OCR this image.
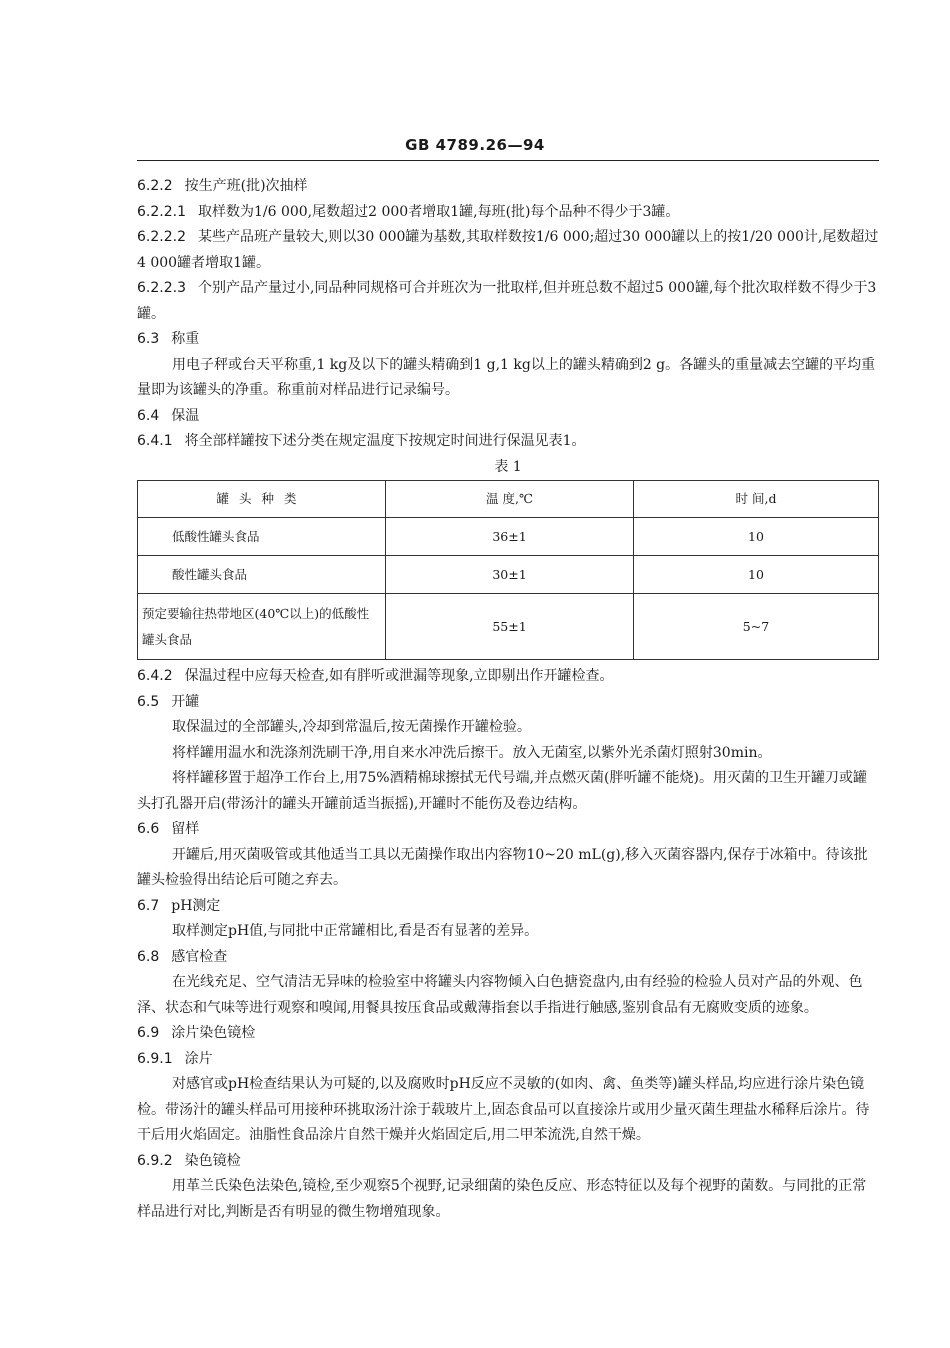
GB 4789.26—94

6.2.2 按生产班(批)次抽样

6.2.2.1 取样数为1/6 000,尾数超过2 000者增取1罐,每班(批)每个品种不得少于3罐。

6.2.2.2 某些产品班产量较大,则以30 000罐为基数,其取样数按1/6 000;超过30 000罐以上的按1/20 000计,尾数超过4 000罐者增取1罐。

6.2.2.3 个别产品产量过小,同品种同规格可合并班次为一批取样,但并班总数不超过5 000罐,每个批次取样数不得少于3罐。

6.3 称重

用电子秤或台天平称重,1 kg及以下的罐头精确到1 g,1 kg以上的罐头精确到2 g。各罐头的重量减去空罐的平均重量即为该罐头的净重。称重前对样品进行记录编号。

6.4 保温

6.4.1 将全部样罐按下述分类在规定温度下按规定时间进行保温见表1。

表 1

罐头种类	温 度,℃	时 间,d
低酸性罐头食品	36±1	10
酸性罐头食品	30±1	10
预定要输往热带地区(40℃以上)的低酸性罐头食品	55±1	5~7

6.4.2 保温过程中应每天检查,如有胖听或泄漏等现象,立即剔出作开罐检查。

6.5 开罐

取保温过的全部罐头,冷却到常温后,按无菌操作开罐检验。

将样罐用温水和洗涤剂洗刷干净,用自来水冲洗后擦干。放入无菌室,以紫外光杀菌灯照射30min。

将样罐移置于超净工作台上,用75%酒精棉球擦拭无代号端,并点燃灭菌(胖听罐不能烧)。用灭菌的卫生开罐刀或罐头打孔器开启(带汤汁的罐头开罐前适当振摇),开罐时不能伤及卷边结构。

6.6 留样

开罐后,用灭菌吸管或其他适当工具以无菌操作取出内容物10~20 mL(g),移入灭菌容器内,保存于冰箱中。待该批罐头检验得出结论后可随之弃去。

6.7 pH测定

取样测定pH值,与同批中正常罐相比,看是否有显著的差异。

6.8 感官检查

在光线充足、空气清洁无异味的检验室中将罐头内容物倾入白色搪瓷盘内,由有经验的检验人员对产品的外观、色泽、状态和气味等进行观察和嗅闻,用餐具按压食品或戴薄指套以手指进行触感,鉴别食品有无腐败变质的迹象。

6.9 涂片染色镜检

6.9.1 涂片

对感官或pH检查结果认为可疑的,以及腐败时pH反应不灵敏的(如肉、禽、鱼类等)罐头样品,均应进行涂片染色镜检。带汤汁的罐头样品可用接种环挑取汤汁涂于载玻片上,固态食品可以直接涂片或用少量灭菌生理盐水稀释后涂片。待干后用火焰固定。油脂性食品涂片自然干燥并火焰固定后,用二甲苯流洗,自然干燥。

6.9.2 染色镜检

用革兰氏染色法染色,镜检,至少观察5个视野,记录细菌的染色反应、形态特征以及每个视野的菌数。与同批的正常样品进行对比,判断是否有明显的微生物增殖现象。
